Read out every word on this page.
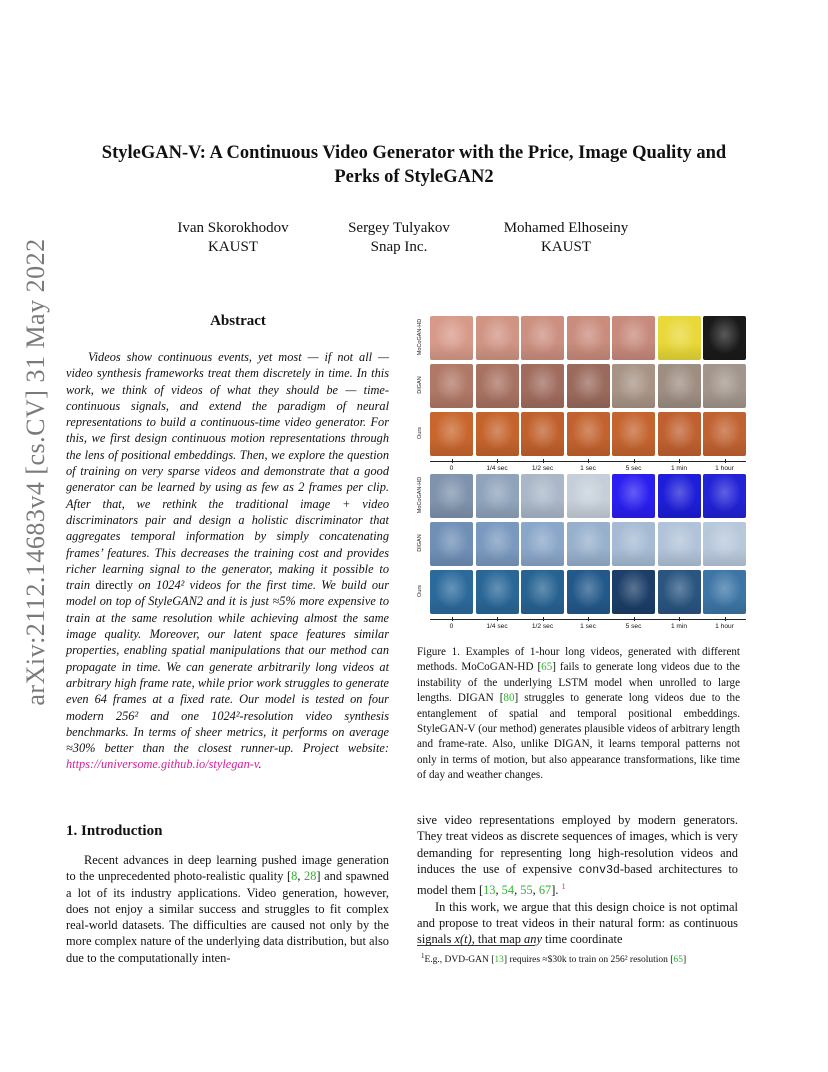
StyleGAN-V: A Continuous Video Generator with the Price, Image Quality and
Perks of StyleGAN2
Ivan Skorokhodov
KAUST
Sergey Tulyakov
Snap Inc.
Mohamed Elhoseiny
KAUST
arXiv:2112.14683v4 [cs.CV] 31 May 2022	Abstract
Videos show continuous events, yet most — if not all — video synthesis frameworks treat them discretely in time. In this work, we think of videos of what they should be — time-continuous signals, and extend the paradigm of neural representations to build a continuous-time video generator. For this, we first design continuous motion representations through the lens of positional embeddings. Then, we explore the question of training on very sparse videos and demonstrate that a good generator can be learned by using as few as 2 frames per clip. After that, we rethink the traditional image + video discriminators pair and design a holistic discriminator that aggregates temporal information by simply concatenating frames’ features. This decreases the training cost and provides richer learning signal to the generator, making it possible to train directly on 1024² videos for the first time. We build our model on top of StyleGAN2 and it is just ≈5% more expensive to train at the same resolution while achieving almost the same image quality. Moreover, our latent space features similar properties, enabling spatial manipulations that our method can propagate in time. We can generate arbitrarily long videos at arbitrary high frame rate, while prior work struggles to generate even 64 frames at a fixed rate. Our model is tested on four modern 256² and one 1024²-resolution video synthesis benchmarks. In terms of sheer metrics, it performs on average ≈30% better than the closest runner-up. Project website: https://universome.github.io/stylegan-v.
1. Introduction
Recent advances in deep learning pushed image generation to the unprecedented photo-realistic quality [8, 28] and spawned a lot of its industry applications. Video generation, however, does not enjoy a similar success and struggles to fit complex real-world datasets. The difficulties are caused not only by the more complex nature of the underlying data distribution, but also due to the computationally inten-

sive video representations employed by modern generators. They treat videos as discrete sequences of images, which is very demanding for representing long high-resolution videos and induces the use of expensive conv3d-based architectures to model them [13, 54, 55, 67]. $^1$

In this work, we argue that this design choice is not optimal and propose to treat videos in their natural form: as continuous signals x(t), that map any time coordinate

$^1$E.g., DVD-GAN [13] requires ≈$30k to train on 256² resolution [65]
MoCoGAN-HD
DIGAN
Ours
0	1/4 sec	1/2 sec	1 sec	5 sec	1 min	1 hour
MoCoGAN-HD
DIGAN
Ours
0	1/4 sec	1/2 sec	1 sec	5 sec	1 min	1 hour
Figure 1. Examples of 1-hour long videos, generated with different methods. MoCoGAN-HD [65] fails to generate long videos due to the instability of the underlying LSTM model when unrolled to large lengths. DIGAN [80] struggles to generate long videos due to the entanglement of spatial and temporal positional embeddings. StyleGAN-V (our method) generates plausible videos of arbitrary length and frame-rate. Also, unlike DIGAN, it learns temporal patterns not only in terms of motion, but also appearance transformations, like time of day and weather changes.
